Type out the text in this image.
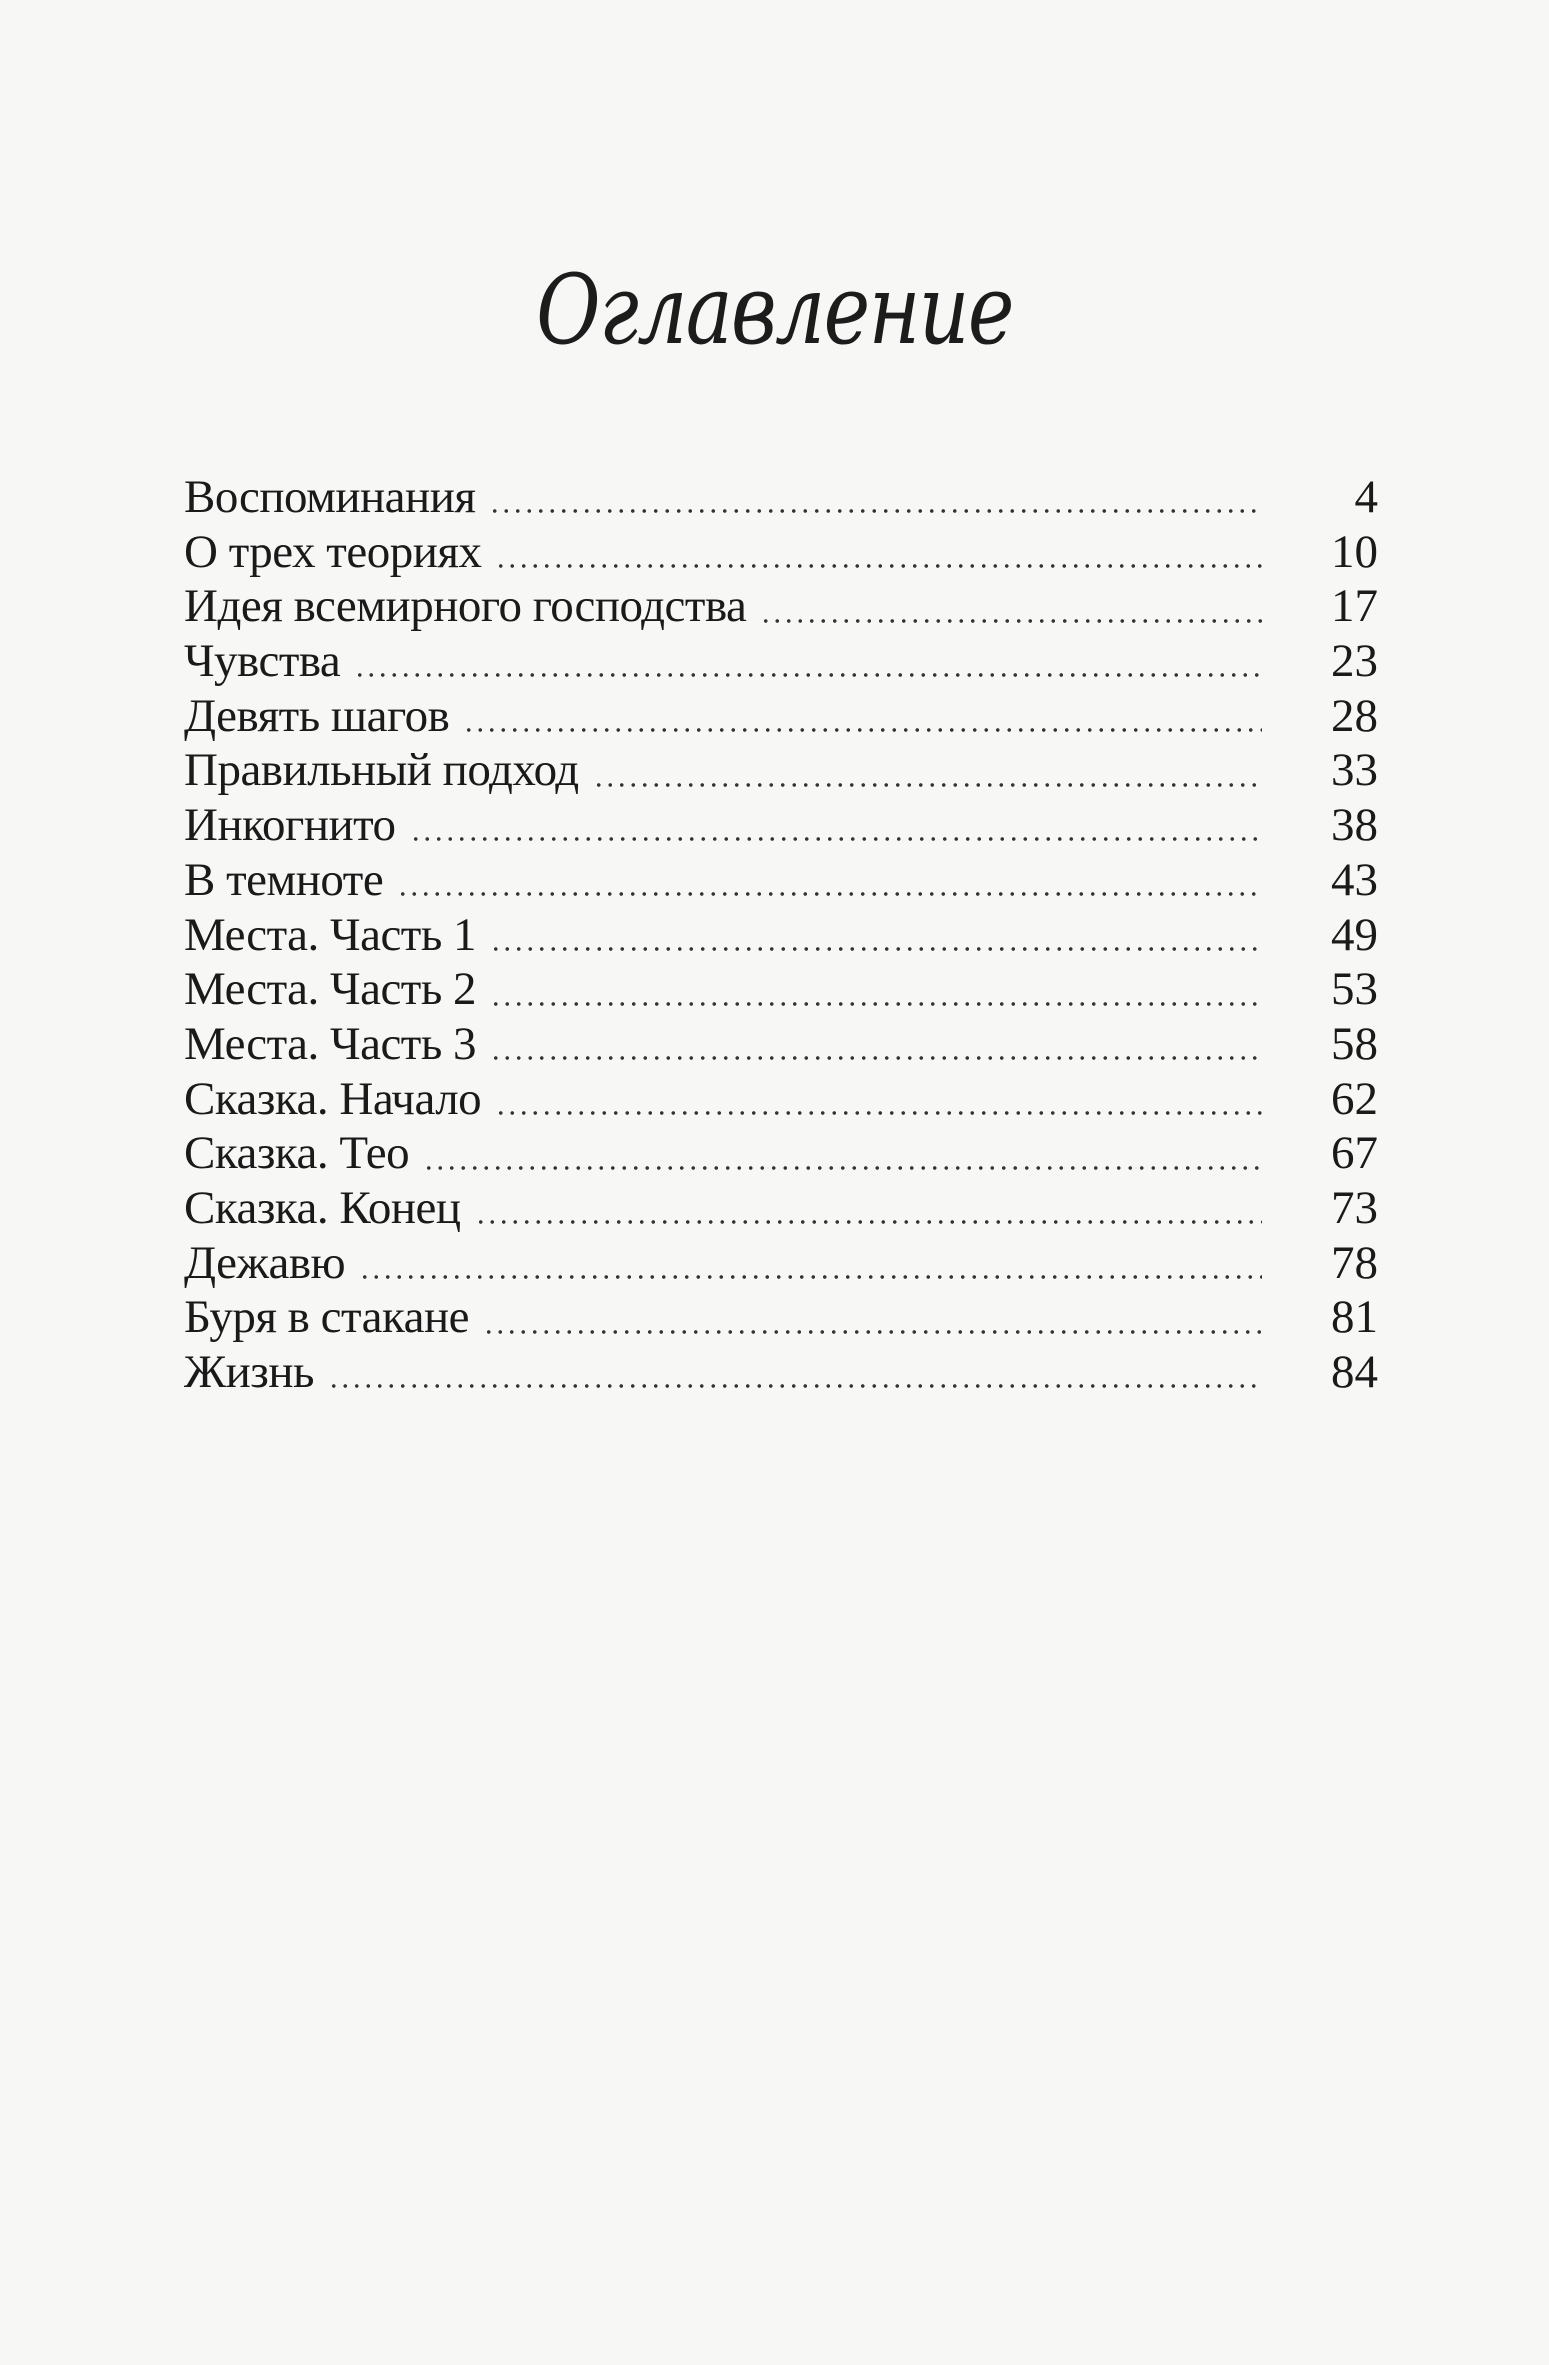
Оглавление
Воспоминания	4
О трех теориях	10
Идея всемирного господства	17
Чувства	23
Девять шагов	28
Правильный подход	33
Инкогнито	38
В темноте	43
Места. Часть 1	49
Места. Часть 2	53
Места. Часть 3	58
Сказка. Начало	62
Сказка. Тео	67
Сказка. Конец	73
Дежавю	78
Буря в стакане	81
Жизнь	84
